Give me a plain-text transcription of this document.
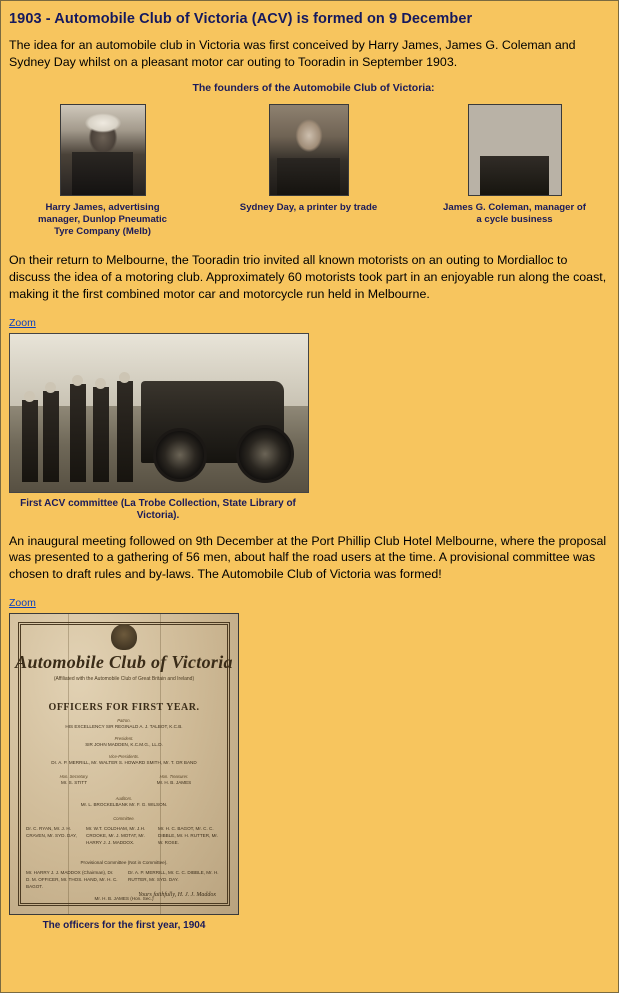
1903 - Automobile Club of Victoria (ACV) is formed on 9 December

The idea for an automobile club in Victoria was first conceived by Harry James, James G. Coleman and Sydney Day whilst on a pleasant motor car outing to Tooradin in September 1903.

The founders of the Automobile Club of Victoria:
Harry James, advertising manager, Dunlop Pneumatic Tyre Company (Melb)
Sydney Day, a printer by trade	James G. Coleman, manager of a cycle business

On their return to Melbourne, the Tooradin trio invited all known motorists on an outing to Mordialloc to discuss the idea of a motoring club. Approximately 60 motorists took part in an enjoyable run along the coast, making it the first combined motor car and motorcycle run held in Melbourne.

Zoom
First ACV committee (La Trobe Collection, State Library of Victoria).

An inaugural meeting followed on 9th December at the Port Phillip Club Hotel Melbourne, where the proposal was presented to a gathering of 56 men, about half the road users at the time. A provisional committee was chosen to draft rules and by-laws. The Automobile Club of Victoria was formed!

Zoom
Automobile Club of Victoria
(Affiliated with the Automobile Club of Great Britain and Ireland)
OFFICERS FOR FIRST YEAR.
Patron.
HIS EXCELLENCY SIR REGINALD A. J. TALBOT, K.C.B.
President.
SIR JOHN MADDEN, K.C.M.G., LL.D.
Vice-Presidents.
Dr. A. P. MERRILL, Mr. WALTER S. HOWARD SMITH, Mr. T. OR BAND
Hon. Secretary.
Mr. S. STITT
Hon. Treasurer.
Mr. H. B. JAMES
Auditors.
Mr. L. BROCKELBANK Mr. F. G. WILSON.
Committee.
Dr. C. RYAN, Mr. J. H. CRAVEN, Mr. SYD. DAY,
Mr. W.T. COLDHAM, Mr. J.H. CROOKE, Mr. J. MOTAT, Mr. HARRY J. J. MADDOX.
Mr. H. C. BAGOT, Mr. C. C. DIBBLE, Mr. H. RUTTER, Mr. W. ROSE.
Provisional Committee (Not in Committee).
Mr. HARRY J. J. MADDOX (Chairman), Dr. D. M. OFFICER, Mr. THOS. HAND, Mr. H. C. BAGOT.
Dr. A. P. MERRILL, Mr. C. C. DIBBLE, Mr. H. RUTTER, Mr. SYD. DAY.
Mr. H. B. JAMES (Hon. Sec.)
Yours faithfully, H. J. J. Maddox
The officers for the first year, 1904
